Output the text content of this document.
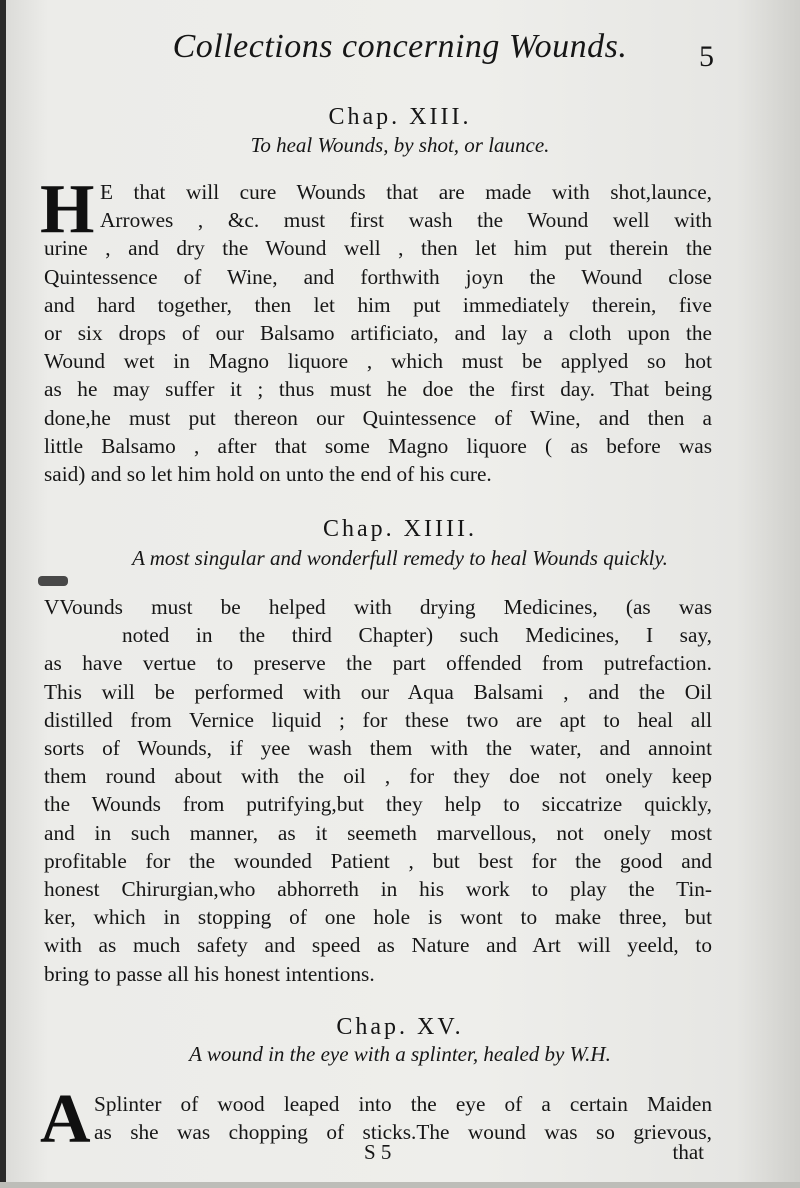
Collections concerning Wounds.	5
Chap. XIII.
To heal Wounds, by shot, or launce.
H E that will cure Wounds that are made with shot,launce,
Arrowes , &c. must first wash the Wound well with
urine , and dry the Wound well , then let him put therein the
Quintessence of Wine, and forthwith joyn the Wound close
and hard together, then let him put immediately therein, five
or six drops of our Balsamo artificiato, and lay a cloth upon the
Wound wet in Magno liquore , which must be applyed so hot
as he may suffer it ; thus must he doe the first day. That being
done,he must put thereon our Quintessence of Wine, and then a
little Balsamo , after that some Magno liquore ( as before was
said) and so let him hold on unto the end of his cure.
Chap. XIIII.
A most singular and wonderfull remedy to heal Wounds quickly.
VVounds must be helped with drying Medicines, (as was
noted in the third Chapter) such Medicines, I say,
as have vertue to preserve the part offended from putrefaction.
This will be performed with our Aqua Balsami , and the Oil
distilled from Vernice liquid ; for these two are apt to heal all
sorts of Wounds, if yee wash them with the water, and annoint
them round about with the oil , for they doe not onely keep
the Wounds from putrifying,but they help to siccatrize quickly,
and in such manner, as it seemeth marvellous, not onely most
profitable for the wounded Patient , but best for the good and
honest Chirurgian,who abhorreth in his work to play the Tin-
ker, which in stopping of one hole is wont to make three, but
with as much safety and speed as Nature and Art will yeeld, to
bring to passe all his honest intentions.
Chap. XV.
A wound in the eye with a splinter, healed by W.H.
A Splinter of wood leaped into the eye of a certain Maiden
as she was chopping of sticks.The wound was so grievous,
S 5	that
